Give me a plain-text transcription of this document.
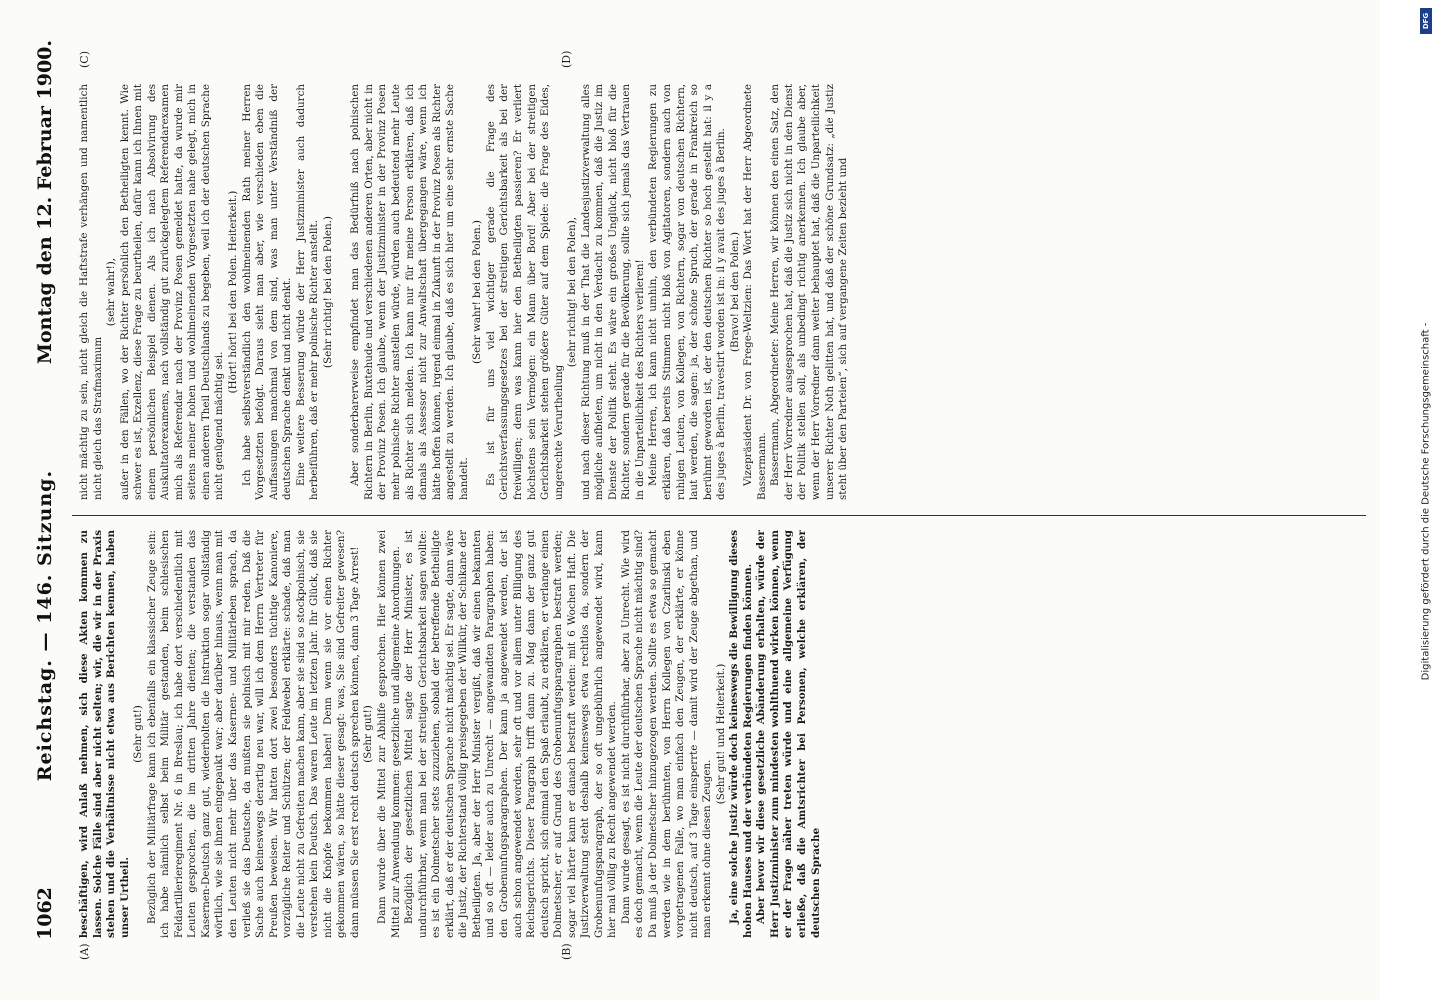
1062
Reichstag. — 146. Sitzung.
Montag den 12. Februar 1900.
(A)	(B)
(C)	(D)

beschäftigen, wird Anlaß nehmen, sich diese Akten kommen zu lassen. Solche Fälle sind aber nicht selten; wir, die wir in der Praxis stehen und die Verhältnisse nicht etwa aus Berichten kennen, haben unser Urtheil.

(Sehr gut!) Bezüglich der Militärfrage kann ich ebenfalls ein klassischer Zeuge sein: ich habe nämlich selbst beim Militär gestanden, beim schlesischen Feldartillerieregiment Nr. 6 in Breslau; ich habe dort verschiedentlich mit Leuten gesprochen, die im dritten Jahre dienten; die verstanden das Kasernen-Deutsch ganz gut, wiederholten die Instruktion sogar vollständig wörtlich, wie sie ihnen eingepaukt war; aber darüber hinaus, wenn man mit den Leuten nicht mehr über das Kasernen- und Militärleben sprach, da verließ sie das Deutsche, da mußten sie polnisch mit mir reden. Daß die Sache auch keineswegs derartig neu war, will ich dem Herrn Vertreter für Preußen beweisen. Wir hatten dort zwei besonders tüchtige Kanoniere, vorzügliche Reiter und Schützen; der Feldwebel erklärte: schade, daß man die Leute nicht zu Gefreiten machen kann, aber sie sind so stockpolnisch, sie verstehen kein Deutsch. Das waren Leute im letzten Jahr. Ihr Glück, daß sie nicht die Knöpfe bekommen haben! Denn wenn sie vor einen Richter gekommen wären, so hätte dieser gesagt: was, Sie sind Gefreiter gewesen? dann müssen Sie erst recht deutsch sprechen können, dann 3 Tage Arrest! (Sehr gut!) Dann wurde über die Mittel zur Abhilfe gesprochen. Hier können zwei Mittel zur Anwendung kommen: gesetzliche und allgemeine Anordnungen. Bezüglich der gesetzlichen Mittel sagte der Herr Minister, es ist undurchführbar, wenn man bei der streitigen Gerichtsbarkeit sagen wollte: es ist ein Dolmetscher stets zuzuziehen, sobald der betreffende Betheiligte erklärt, daß er der deutschen Sprache nicht mächtig sei. Er sagte, dann wäre die Justiz, der Richterstand völlig preisgegeben der Willkür, der Schikane der Betheiligten. Ja, aber der Herr Minister vergißt, daß wir einen bekannten und so oft — leider auch zu Unrecht — angewandten Paragraphen haben: den Grobenunfugsparagraphen. Der kann ja angewendet werden, der ist auch schon angewendet worden, sehr oft und vor allem unter Billigung des Reichsgerichts. Dieser Paragraph trifft dann zu. Mag dann der ganz gut deutsch spricht, sich einmal den Spaß erlaubt, zu erklären, er verlange einen Dolmetscher, er auf Grund des Grobenunfugsparagraphen bestraft werden; sogar viel härter kann er danach bestraft werden: mit 6 Wochen Haft. Die Justizverwaltung steht deshalb keineswegs etwa rechtlos da, sondern der Grobenunfugsparagraph, der so oft ungebührlich angewendet wird, kann hier mal völlig zu Recht angewendet werden. Dann wurde gesagt, es ist nicht durchführbar, aber zu Unrecht. Wie wird es doch gemacht, wenn die Leute der deutschen Sprache nicht mächtig sind? Da muß ja der Dolmetscher hinzugezogen werden. Sollte es etwa so gemacht werden wie in dem berühmten, von Herrn Kollegen von Czarlinski eben vorgetragenen Falle, wo man einfach den Zeugen, der erklärte, er könne nicht deutsch, auf 3 Tage einsperrte — damit wird der Zeuge abgethan, und man erkennt ohne diesen Zeugen.

(Sehr gut! und Heiterkeit.) Ja, eine solche Justiz würde doch keineswegs die Bewilligung dieses hohen Hauses und der verbündeten Regierungen finden können. Aber bevor wir diese gesetzliche Abänderung erhalten, würde der Herr Justizminister zum mindesten wohlthuend wirken können, wenn er der Frage näher treten würde und eine allgemeine Verfügung erließe, daß die Amtsrichter bei Personen, welche erklären, der deutschen Sprache

nicht mächtig zu sein, nicht gleich die Haftstrafe verhängen und namentlich nicht gleich das Strafmaximum

(sehr wahr!), außer in den Fällen, wo der Richter persönlich den Betheiligten kennt. Wie schwer es ist, Exzellenz, diese Frage zu beurtheilen, dafür kann ich Ihnen mit einem persönlichen Beispiel dienen. Als ich nach Absolvirung des Auskultatorexamens, nach vollständig gut zurückgelegtem Referendarexamen mich als Referendar nach der Provinz Posen gemeldet hatte, da wurde mir seitens meiner hohen und wohlmeinenden Vorgesetzten nahe gelegt, mich in einen anderen Theil Deutschlands zu begeben, weil ich der deutschen Sprache nicht genügend mächtig sei.

(Hört! hört! bei den Polen. Heiterkeit.) Ich habe selbstverständlich den wohlmeinenden Rath meiner Herren Vorgesetzten befolgt. Daraus sieht man aber, wie verschieden eben die Auffassungen manchmal von dem sind, was man unter Verständniß der deutschen Sprache denkt und nicht denkt. Eine weitere Besserung würde der Herr Justizminister auch dadurch herbeiführen, daß er mehr polnische Richter anstellt. (Sehr richtig! bei den Polen.) Aber sonderbarerweise empfindet man das Bedürfniß nach polnischen Richtern in Berlin, Buxtehude und verschiedenen anderen Orten, aber nicht in der Provinz Posen. Ich glaube, wenn der Justizminister in der Provinz Posen mehr polnische Richter anstellen würde, würden auch bedeutend mehr Leute als Richter sich melden. Ich kann nur für meine Person erklären, daß ich damals als Assessor nicht zur Anwaltschaft übergegangen wäre, wenn ich hätte hoffen können, irgend einmal in Zukunft in der Provinz Posen als Richter angestellt zu werden. Ich glaube, daß es sich hier um eine sehr ernste Sache handelt.

(Sehr wahr! bei den Polen.) Es ist für uns viel wichtiger gerade die Frage des Gerichtsverfassungsgesetzes bei der streitigen Gerichtsbarkeit als bei der freiwilligen; denn was kann hier den Betheiligten passieren? Er verliert höchstens sein Vermögen: ein Mann über Bord! Aber bei der streitigen Gerichtsbarkeit stehen größere Güter auf dem Spiele: die Frage des Eides, ungerechte Verurtheilung

(sehr richtig! bei den Polen), und nach dieser Richtung muß in der That die Landesjustizverwaltung alles mögliche aufbieten, um nicht in den Verdacht zu kommen, daß die Justiz im Dienste der Politik steht. Es wäre ein großes Unglück, nicht bloß für die Richter, sondern gerade für die Bevölkerung, sollte sich jemals das Vertrauen in die Unparteilichkeit des Richters verlieren! Meine Herren, ich kann nicht umhin, den verbündeten Regierungen zu erklären, daß bereits Stimmen nicht bloß von Agitatoren, sondern auch von ruhigen Leuten, von Kollegen, von Richtern, sogar von deutschen Richtern, laut werden, die sagen: ja, der schöne Spruch, der gerade in Frankreich so berühmt geworden ist, der den deutschen Richter so hoch gestellt hat: il y a des juges à Berlin, travestirt worden ist in: il y avait des juges à Berlin. (Bravo! bei den Polen.) Vizepräsident Dr. von Frege-Weltzien: Das Wort hat der Herr Abgeordnete Bassermann. Bassermann, Abgeordneter: Meine Herren, wir können den einen Satz, den der Herr Vorredner ausgesprochen hat, daß die Justiz sich nicht in den Dienst der Politik stellen soll, als unbedingt richtig anerkennen. Ich glaube aber, wenn der Herr Vorredner dann weiter behauptet hat, daß die Unparteilichkeit unserer Richter Noth gelitten hat, und daß der schöne Grundsatz: „die Justiz steht über den Parteien“, sich auf vergangene Zeiten bezieht und

DFG
Digitalisierung gefördert durch die Deutsche Forschungsgemeinschaft -
